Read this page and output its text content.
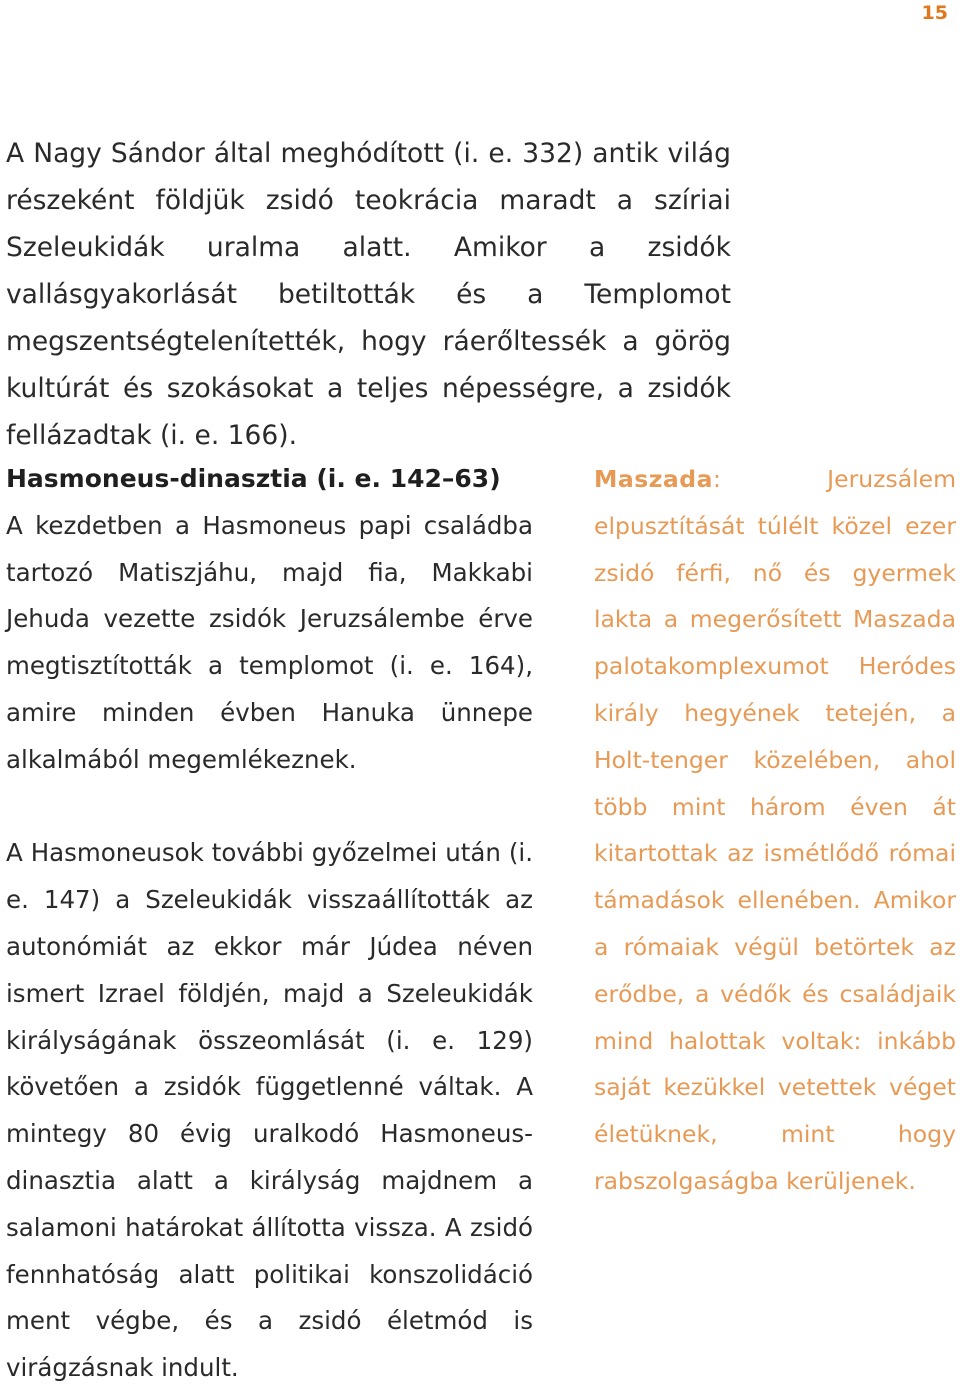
15

A Nagy Sándor által meghódított (i. e. 332) antik világ részeként földjük zsidó teokrácia maradt a szíriai Szeleukidák uralma alatt. Amikor a zsidók vallásgyakorlását betiltották és a Templomot megszentségtelenítették, hogy ráerőltessék a görög kultúrát és szokásokat a teljes népességre, a zsidók fellázadtak (i. e. 166).

Hasmoneus-dinasztia (i. e. 142–63)

A kezdetben a Hasmoneus papi családba tartozó Matiszjáhu, majd fia, Makkabi Jehuda vezette zsidók Jeruzsálembe érve megtisztították a templomot (i. e. 164), amire minden évben Hanuka ünnepe alkalmából megemlékeznek.

A Hasmoneusok további győzelmei után (i. e. 147) a Szeleukidák visszaállították az autonómiát az ekkor már Júdea néven ismert Izrael földjén, majd a Szeleukidák királyságának összeomlását (i. e. 129) követően a zsidók függetlenné váltak. A mintegy 80 évig uralkodó Hasmoneus-dinasztia alatt a királyság majdnem a salamoni határokat állította vissza. A zsidó fennhatóság alatt politikai konszolidáció ment végbe, és a zsidó életmód is virágzásnak indult.

Maszada: Jeruzsálem elpusztítását túlélt közel ezer zsidó férfi, nő és gyermek lakta a megerősített Maszada palotakomplexumot Heródes király hegyének tetején, a Holt-tenger közelében, ahol több mint három éven át kitartottak az ismétlődő római támadások ellenében. Amikor a rómaiak végül betörtek az erődbe, a védők és családjaik mind halottak voltak: inkább saját kezükkel vetettek véget életüknek, mint hogy rabszolgaságba kerüljenek.
